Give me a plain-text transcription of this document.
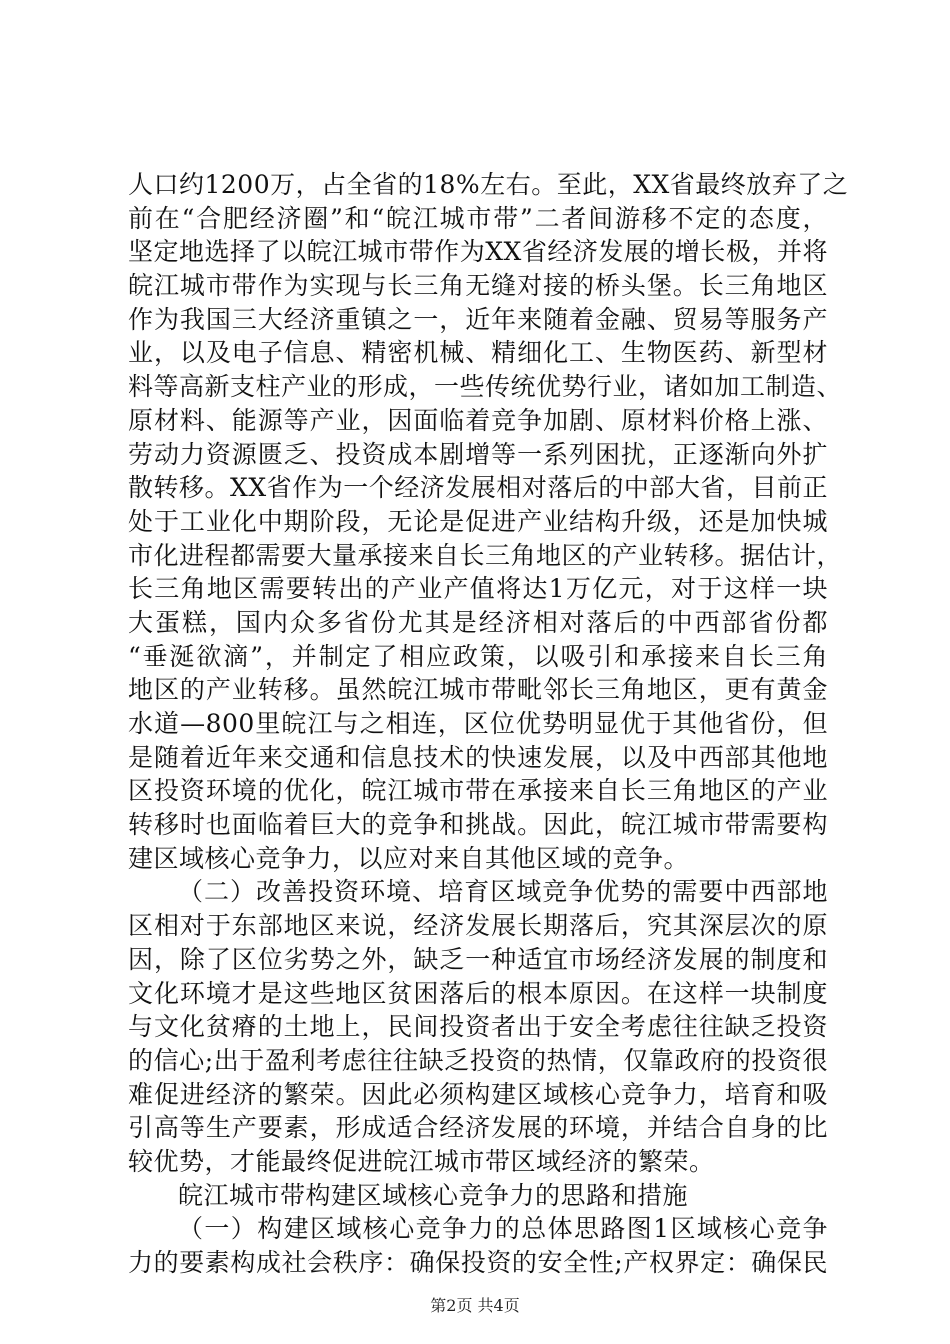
人口约1200万，占全省的18%左右。至此，XX省最终放弃了之
前在“合肥经济圈”和“皖江城市带”二者间游移不定的态度，
坚定地选择了以皖江城市带作为XX省经济发展的增长极，并将
皖江城市带作为实现与长三角无缝对接的桥头堡。长三角地区
作为我国三大经济重镇之一，近年来随着金融、贸易等服务产
业，以及电子信息、精密机械、精细化工、生物医药、新型材
料等高新支柱产业的形成，一些传统优势行业，诸如加工制造、
原材料、能源等产业，因面临着竞争加剧、原材料价格上涨、
劳动力资源匮乏、投资成本剧增等一系列困扰，正逐渐向外扩
散转移。XX省作为一个经济发展相对落后的中部大省，目前正
处于工业化中期阶段，无论是促进产业结构升级，还是加快城
市化进程都需要大量承接来自长三角地区的产业转移。据估计，
长三角地区需要转出的产业产值将达1万亿元，对于这样一块
大蛋糕，国内众多省份尤其是经济相对落后的中西部省份都
“垂涎欲滴”，并制定了相应政策，以吸引和承接来自长三角
地区的产业转移。虽然皖江城市带毗邻长三角地区，更有黄金
水道—800里皖江与之相连，区位优势明显优于其他省份，但
是随着近年来交通和信息技术的快速发展，以及中西部其他地
区投资环境的优化，皖江城市带在承接来自长三角地区的产业
转移时也面临着巨大的竞争和挑战。因此，皖江城市带需要构
建区域核心竞争力，以应对来自其他区域的竞争。
（二）改善投资环境、培育区域竞争优势的需要中西部地
区相对于东部地区来说，经济发展长期落后，究其深层次的原
因，除了区位劣势之外，缺乏一种适宜市场经济发展的制度和
文化环境才是这些地区贫困落后的根本原因。在这样一块制度
与文化贫瘠的土地上，民间投资者出于安全考虑往往缺乏投资
的信心;出于盈利考虑往往缺乏投资的热情，仅靠政府的投资很
难促进经济的繁荣。因此必须构建区域核心竞争力，培育和吸
引高等生产要素，形成适合经济发展的环境，并结合自身的比
较优势，才能最终促进皖江城市带区域经济的繁荣。
皖江城市带构建区域核心竞争力的思路和措施
（一）构建区域核心竞争力的总体思路图1区域核心竞争
力的要素构成社会秩序：确保投资的安全性;产权界定：确保民
第2页 共4页
